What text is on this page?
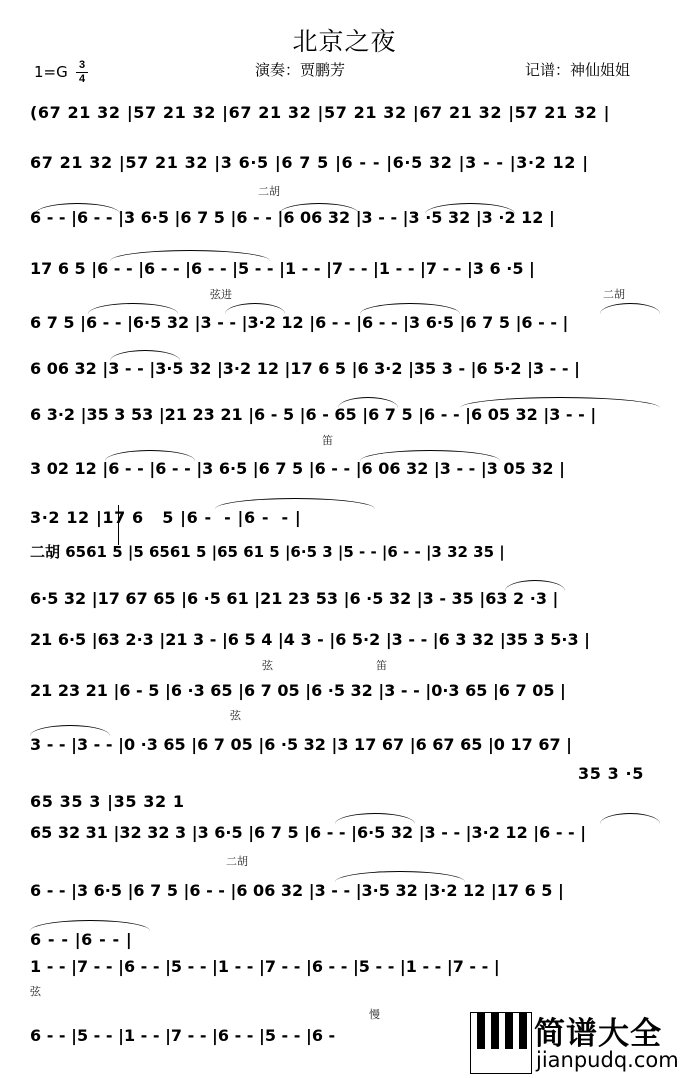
北京之夜
1=G 3
4	演奏：贾鹏芳	记谱：神仙姐姐
(67 21 32 |57 21 32 |67 21 32 |57 21 32 |67 21 32 |57 21 32 |
67 21 32 |57 21 32 |3 6·5 |6 7 5 |6 - - |6·5 32 |3 - - |3·2 12 |
6 - - |6 - - |3 6·5 |6 7 5 |6 - - |6 06 32 |3 - - |3 ·5 32 |3 ·2 12 |
17 6 5 |6 - - |6 - - |6 - - |5 - - |1 - - |7 - - |1 - - |7 - - |3 6 ·5 |
6 7 5 |6 - - |6·5 32 |3 - - |3·2 12 |6 - - |6 - - |3 6·5 |6 7 5 |6 - - |
6 06 32 |3 - - |3·5 32 |3·2 12 |17 6 5 |6 3·2 |35 3 - |6 5·2 |3 - - |
6 3·2 |35 3 53 |21 23 21 |6 - 5 |6 - 65 |6 7 5 |6 - - |6 05 32 |3 - - |
3 02 12 |6 - - |6 - - |3 6·5 |6 7 5 |6 - - |6 06 32 |3 - - |3 05 32 |
3·2 12 |17 6   5 |6 -  - |6 -  - |
二胡 6561 5 |5 6561 5 |65 61 5 |6·5 3 |5 - - |6 - - |3 32 35 |
6·5 32 |17 67 65 |6 ·5 61 |21 23 53 |6 ·5 32 |3 - 35 |63 2 ·3 |
21 6·5 |63 2·3 |21 3 - |6 5 4 |4 3 - |6 5·2 |3 - - |6 3 32 |35 3 5·3 |
21 23 21 |6 - 5 |6 ·3 65 |6 7 05 |6 ·5 32 |3 - - |0·3 65 |6 7 05 |
3 - - |3 - - |0 ·3 65 |6 7 05 |6 ·5 32 |3 17 67 |6 67 65 |0 17 67 |
35 3 ·5
65 35 3 |35 32 1
65 32 31 |32 32 3 |3 6·5 |6 7 5 |6 - - |6·5 32 |3 - - |3·2 12 |6 - - |
6 - - |3 6·5 |6 7 5 |6 - - |6 06 32 |3 - - |3·5 32 |3·2 12 |17 6 5 |
6 - - |6 - - |
1 - - |7 - - |6 - - |5 - - |1 - - |7 - - |6 - - |5 - - |1 - - |7 - - |
6 - - |5 - - |1 - - |7 - - |6 - - |5 - - |6 -
二胡
弦进	二胡
笛
弦	笛
弦
二胡
弦
慢
简谱大全
jianpudq.com
